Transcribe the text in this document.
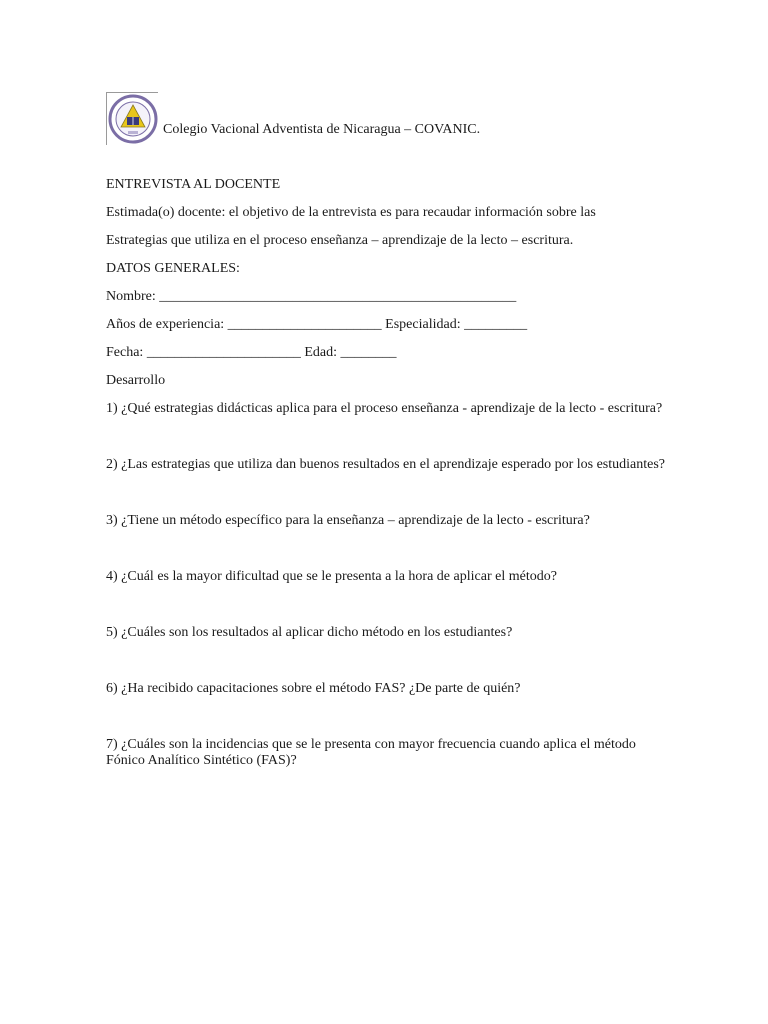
Colegio Vacional Adventista de Nicaragua – COVANIC.
ENTREVISTA AL DOCENTE
Estimada(o) docente: el objetivo de la entrevista es para recaudar información sobre las
Estrategias que utiliza en el proceso enseñanza – aprendizaje de la lecto – escritura.
DATOS GENERALES:
Nombre: ___________________________________________________
Años de experiencia: ______________________ Especialidad: _________
Fecha: ______________________ Edad: ________
Desarrollo
1) ¿Qué estrategias didácticas aplica para el proceso enseñanza - aprendizaje de la lecto - escritura?
2) ¿Las estrategias que utiliza dan buenos resultados en el aprendizaje esperado por los estudiantes?
3) ¿Tiene un método específico para la enseñanza – aprendizaje de la lecto - escritura?
4) ¿Cuál es la mayor dificultad que se le presenta a la hora de aplicar el método?
5) ¿Cuáles son los resultados al aplicar dicho método en los estudiantes?
6) ¿Ha recibido capacitaciones sobre el método FAS? ¿De parte de quién?
7) ¿Cuáles son la incidencias que se le presenta con mayor frecuencia cuando aplica el método
Fónico Analítico Sintético (FAS)?
